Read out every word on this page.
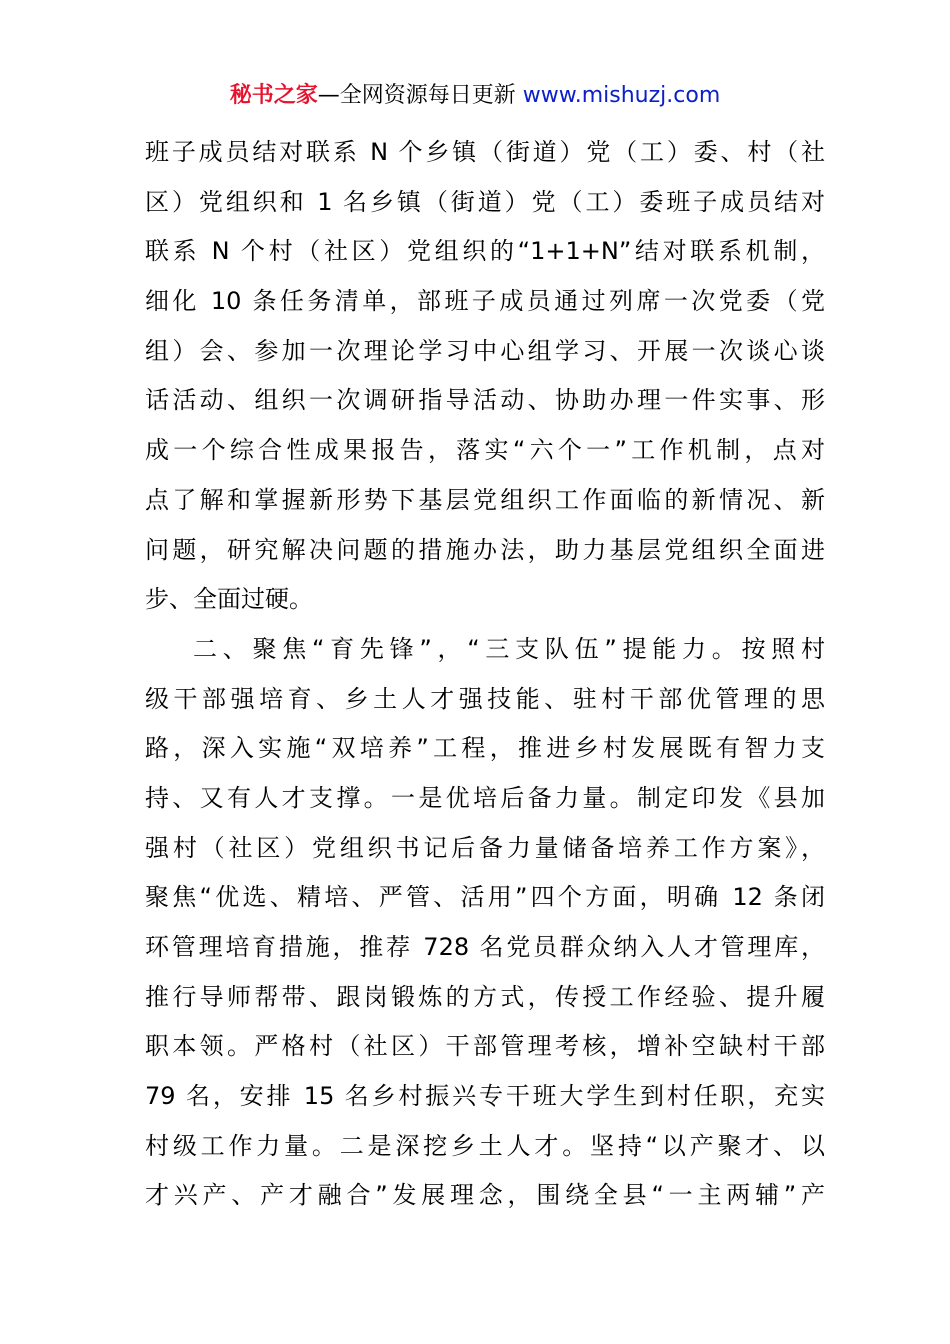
秘书之家—全网资源每日更新 www.mishuzj.com
班子成员结对联系 N 个乡镇（街道）党（工）委、村（社
区）党组织和 1 名乡镇（街道）党（工）委班子成员结对
联系 N 个村（社区）党组织的“1+1+N”结对联系机制，
细化 10 条任务清单，部班子成员通过列席一次党委（党
组）会、参加一次理论学习中心组学习、开展一次谈心谈
话活动、组织一次调研指导活动、协助办理一件实事、形
成一个综合性成果报告，落实“六个一”工作机制，点对
点了解和掌握新形势下基层党组织工作面临的新情况、新
问题，研究解决问题的措施办法，助力基层党组织全面进
步、全面过硬。
二、聚焦“育先锋”，“三支队伍”提能力。按照村
级干部强培育、乡土人才强技能、驻村干部优管理的思
路，深入实施“双培养”工程，推进乡村发展既有智力支
持、又有人才支撑。一是优培后备力量。制定印发《县加
强村（社区）党组织书记后备力量储备培养工作方案》，
聚焦“优选、精培、严管、活用”四个方面，明确 12 条闭
环管理培育措施，推荐 728 名党员群众纳入人才管理库，
推行导师帮带、跟岗锻炼的方式，传授工作经验、提升履
职本领。严格村（社区）干部管理考核，增补空缺村干部
79 名，安排 15 名乡村振兴专干班大学生到村任职，充实
村级工作力量。二是深挖乡土人才。坚持“以产聚才、以
才兴产、产才融合”发展理念，围绕全县“一主两辅”产
